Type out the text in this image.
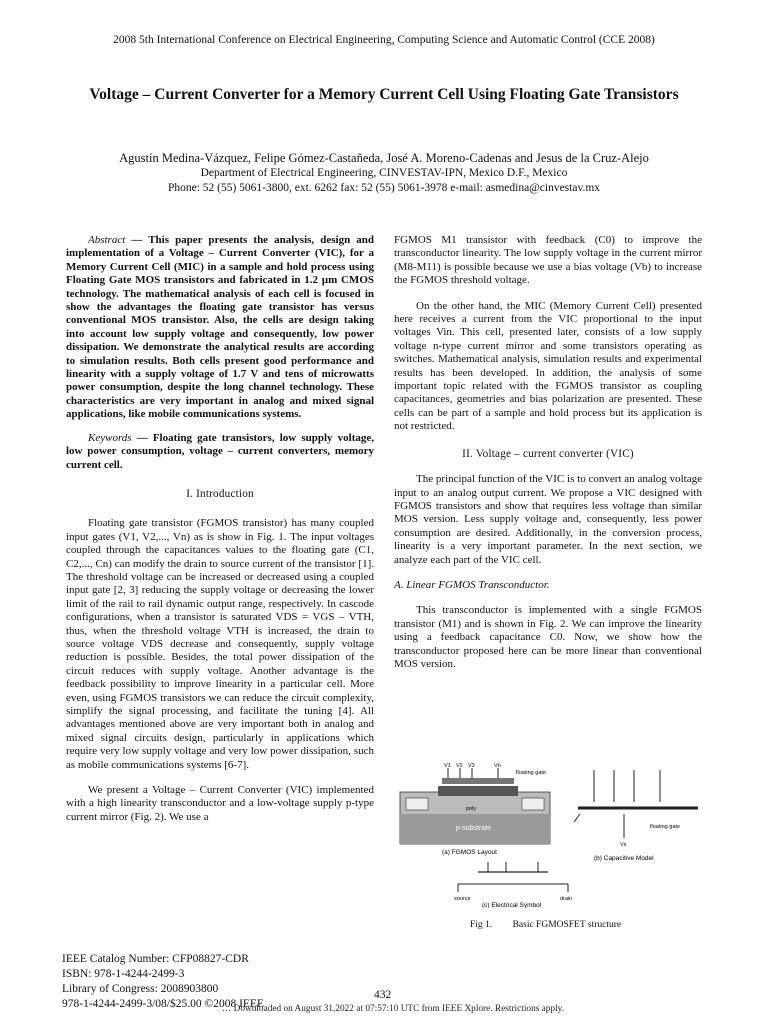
2008 5th International Conference on Electrical Engineering, Computing Science and Automatic Control (CCE 2008)
Voltage – Current Converter for a Memory Current Cell Using Floating Gate Transistors
Agustín Medina-Vázquez, Felipe Gómez-Castañeda, José A. Moreno-Cadenas and Jesus de la Cruz-Alejo
Department of Electrical Engineering, CINVESTAV-IPN, Mexico D.F., Mexico
Phone: 52 (55) 5061-3800, ext. 6262 fax: 52 (55) 5061-3978 e-mail: asmedina@cinvestav.mx

Abstract — This paper presents the analysis, design and implementation of a Voltage – Current Converter (VIC), for a Memory Current Cell (MIC) in a sample and hold process using Floating Gate MOS transistors and fabricated in 1.2 µm CMOS technology. The mathematical analysis of each cell is focused in show the advantages the floating gate transistor has versus conventional MOS transistor. Also, the cells are design taking into account low supply voltage and consequently, low power dissipation. We demonstrate the analytical results are according to simulation results. Both cells present good performance and linearity with a supply voltage of 1.7 V and tens of microwatts power consumption, despite the long channel technology. These characteristics are very important in analog and mixed signal applications, like mobile communications systems.

Keywords — Floating gate transistors, low supply voltage, low power consumption, voltage – current converters, memory current cell.

I. Introduction

Floating gate transistor (FGMOS transistor) has many coupled input gates (V1, V2,..., Vn) as is show in Fig. 1. The input voltages coupled through the capacitances values to the floating gate (C1, C2,..., Cn) can modify the drain to source current of the transistor [1]. The threshold voltage can be increased or decreased using a coupled input gate [2, 3] reducing the supply voltage or decreasing the lower limit of the rail to rail dynamic output range, respectively. In cascode configurations, when a transistor is saturated VDS = VGS – VTH, thus, when the threshold voltage VTH is increased, the drain to source voltage VDS decrease and consequently, supply voltage reduction is possible. Besides, the total power dissipation of the circuit reduces with supply voltage. Another advantage is the feedback possibility to improve linearity in a particular cell. More even, using FGMOS transistors we can reduce the circuit complexity, simplify the signal processing, and facilitate the tuning [4]. All advantages mentioned above are very important both in analog and mixed signal circuits design, particularly in applications which require very low supply voltage and very low power dissipation, such as mobile communications systems [6-7].

We present a Voltage – Current Converter (VIC) implemented with a high linearity transconductor and a low-voltage supply p-type current mirror (Fig. 2). We use a

FGMOS M1 transistor with feedback (C0) to improve the transconductor linearity. The low supply voltage in the current mirror (M8-M11) is possible because we use a bias voltage (Vb) to increase the FGMOS threshold voltage.

On the other hand, the MIC (Memory Current Cell) presented here receives a current from the VIC proportional to the input voltages Vin. This cell, presented later, consists of a low supply voltage n-type current mirror and some transistors operating as switches. Mathematical analysis, simulation results and experimental results has been developed. In addition, the analysis of some important topic related with the FGMOS transistor as coupling capacitances, geometries and bias polarization are presented. These cells can be part of a sample and hold process but its application is not restricted.

II. Voltage – current converter (VIC)

The principal function of the VIC is to convert an analog voltage input to an analog output current. We propose a VIC designed with FGMOS transistors and show that requires less voltage than similar MOS version. Less supply voltage and, consequently, less power consumption are desired. Additionally, in the conversion process, linearity is a very important parameter. In the next section, we analyze each part of the VIC cell.

A. Linear FGMOS Transconductor.

This transconductor is implemented with a single FGMOS transistor (M1) and is shown in Fig. 2. We can improve the linearity using a feedback capacitance C0. Now, we show how the transconductor proposed here can be more linear than conventional MOS version.

V1 V2 V3	Vn
floating gate
poly
p-substrate
(a) FGMOS Layout
floating gate
Vs
(b) Capacitive Model
source	drain
(c) Electrical Symbol
Fig 1. Basic FGMOSFET structure
IEEE Catalog Number: CFP08827-CDR
ISBN: 978-1-4244-2499-3
Library of Congress: 2008903800
978-1-4244-2499-3/08/$25.00 ©2008 IEEE
432
… Downloaded on August 31,2022 at 07:57:10 UTC from IEEE Xplore. Restrictions apply.
